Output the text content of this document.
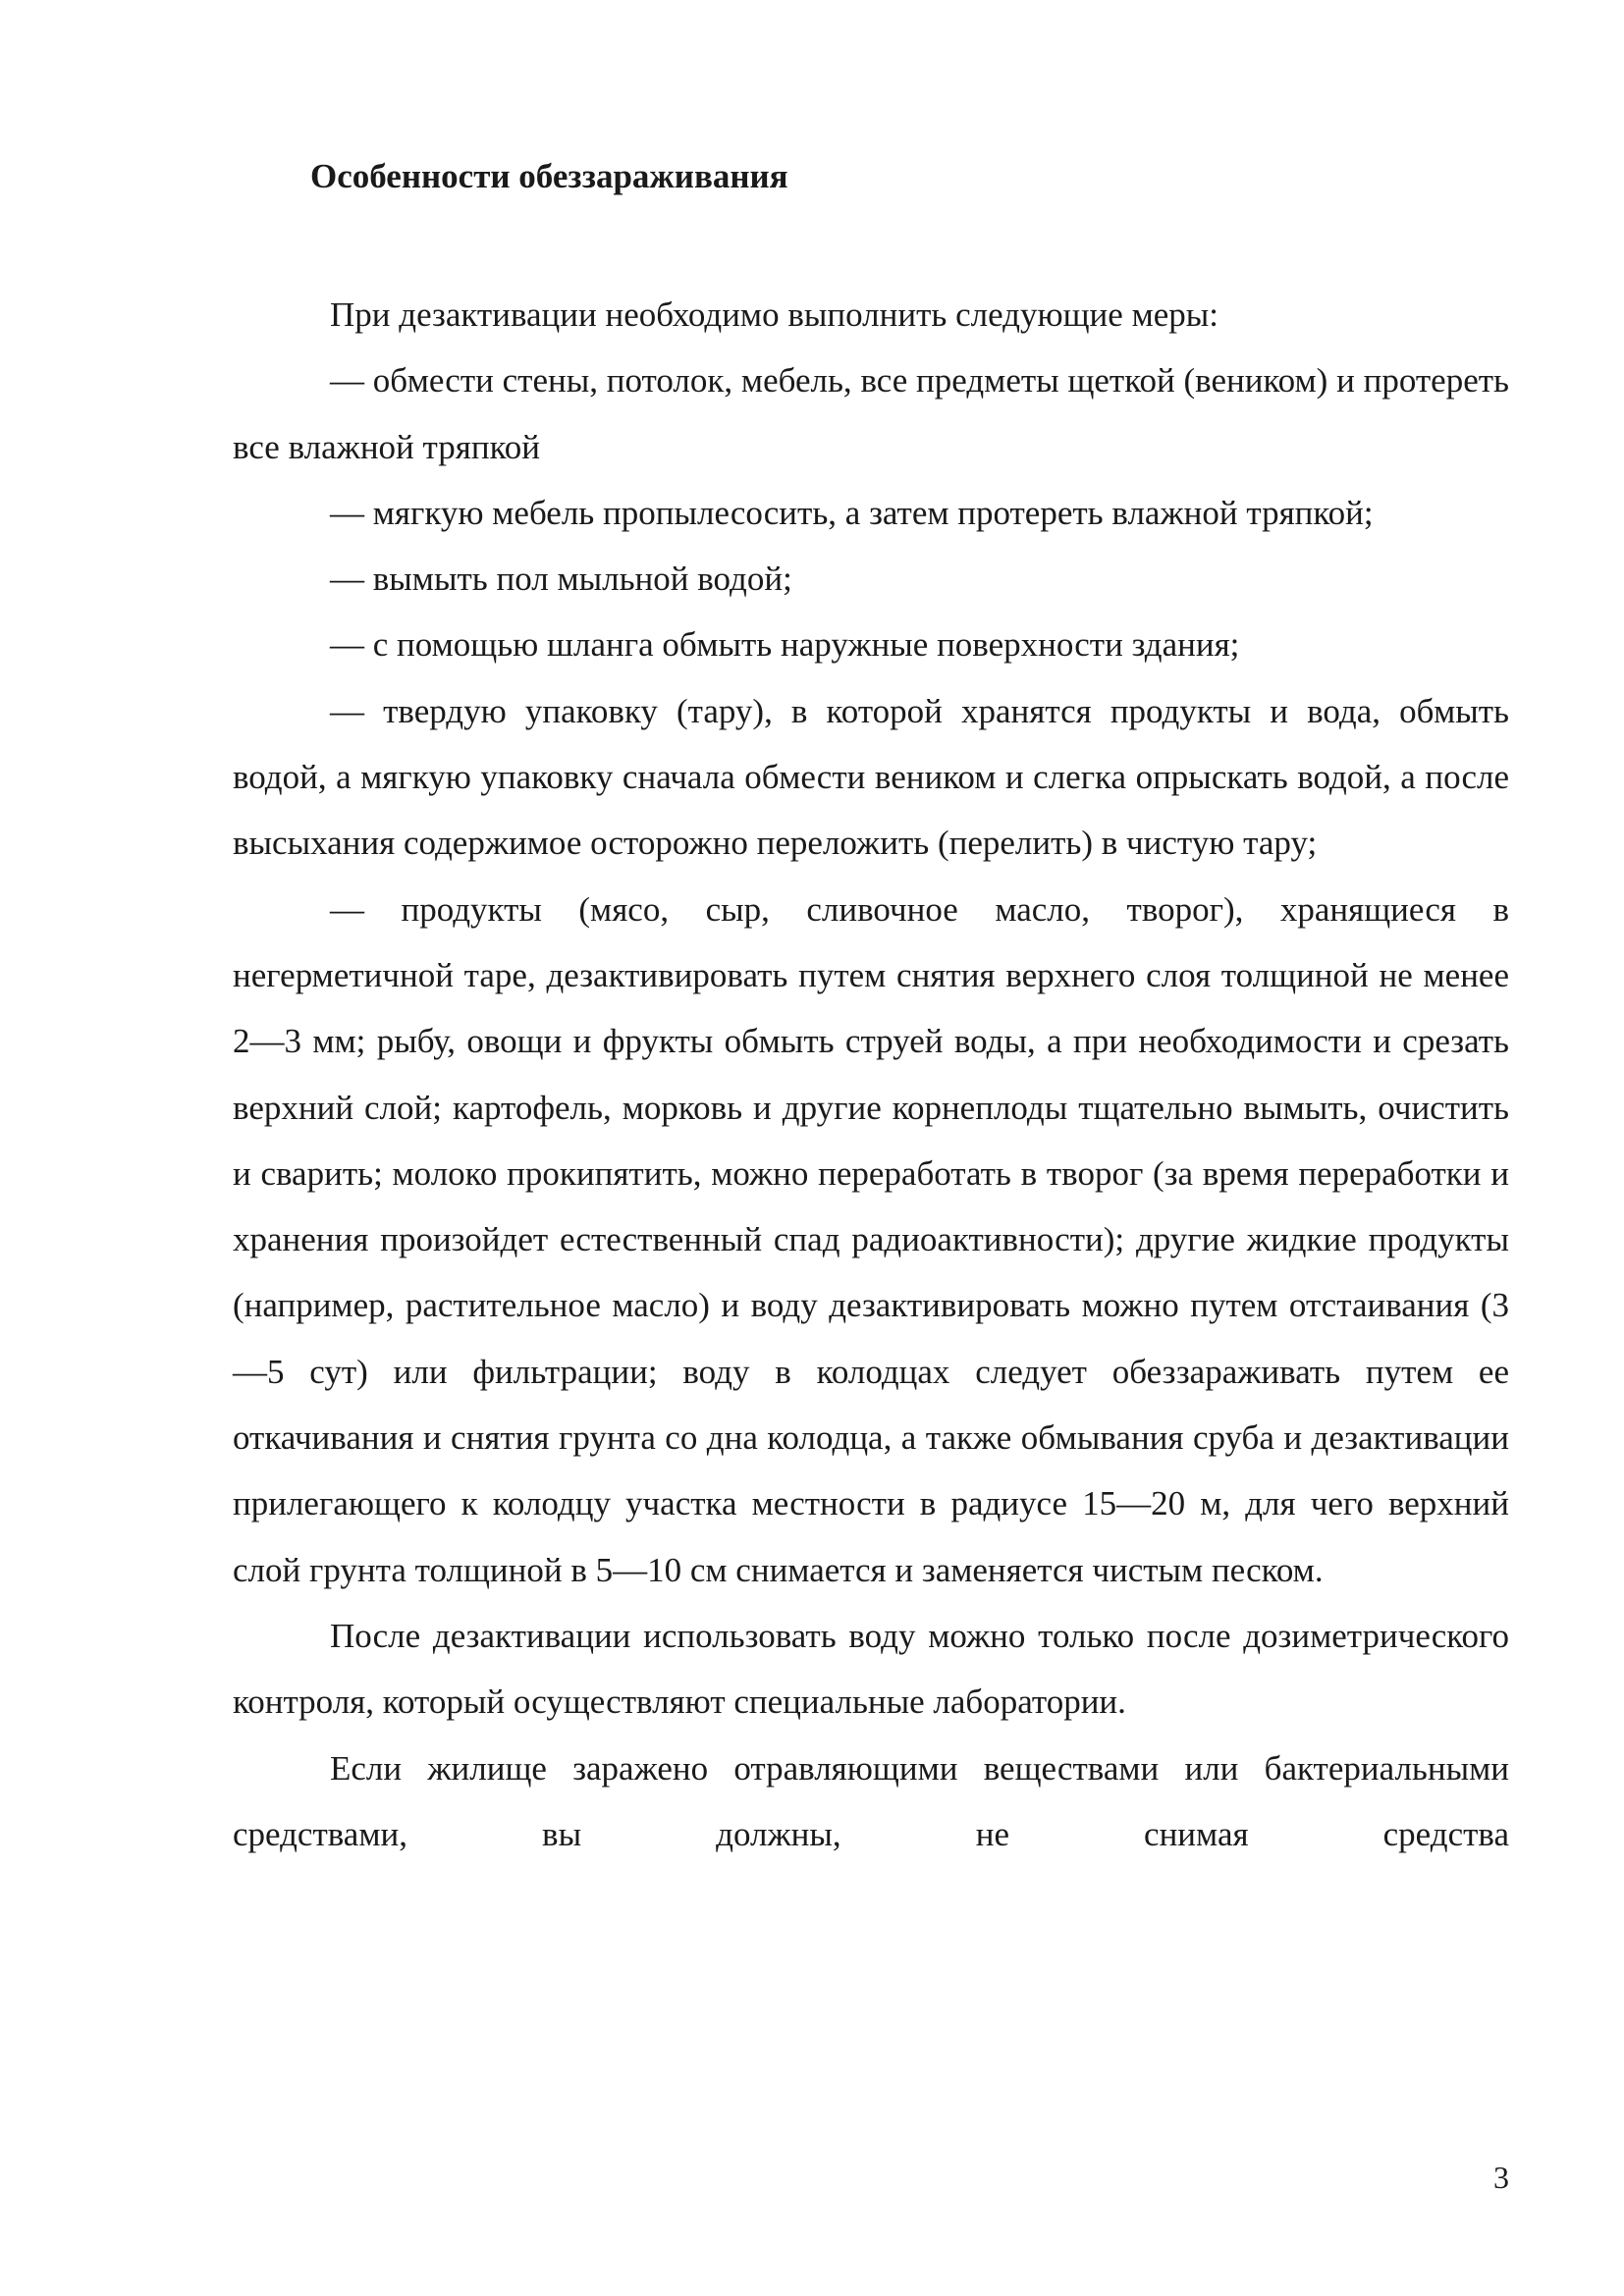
Особенности обеззараживания

При дезактивации необходимо выполнить следующие меры:

— обмести стены, потолок, мебель, все предметы щеткой (веником) и протереть все влажной тряпкой

— мягкую мебель пропылесосить, а затем протереть влажной тряпкой;

— вымыть пол мыльной водой;

— с помощью шланга обмыть наружные поверхности здания;

— твердую упаковку (тару), в которой хранятся продукты и вода, обмыть водой, а мягкую упаковку сначала обмести веником и слегка опрыскать водой, а после высыхания содержимое осторожно переложить (перелить) в чистую тару;

— продукты (мясо, сыр, сливочное масло, творог), хранящиеся в негерметичной таре, дезактивировать путем снятия верхнего слоя толщиной не менее 2—3 мм; рыбу, овощи и фрукты обмыть струей воды, а при необходимости и срезать верхний слой; картофель, морковь и другие корнеплоды тщательно вымыть, очистить и сварить; молоко прокипятить, можно переработать в творог (за время переработки и хранения произойдет естественный спад радиоактивности); другие жидкие продукты (например, растительное масло) и воду дезактивировать можно путем отстаивания (3—5 сут) или фильтрации; воду в колодцах следует обеззараживать путем ее откачивания и снятия грунта со дна колодца, а также обмывания сруба и дезактивации прилегающего к колодцу участка местности в радиусе 15—20 м, для чего верхний слой грунта толщиной в 5—10 см снимается и заменяется чистым песком.

После дезактивации использовать воду можно только после дозиметрического контроля, который осуществляют специальные лаборатории.

Если жилище заражено отравляющими веществами или бактериальными средствами, вы должны, не снимая средства

3
